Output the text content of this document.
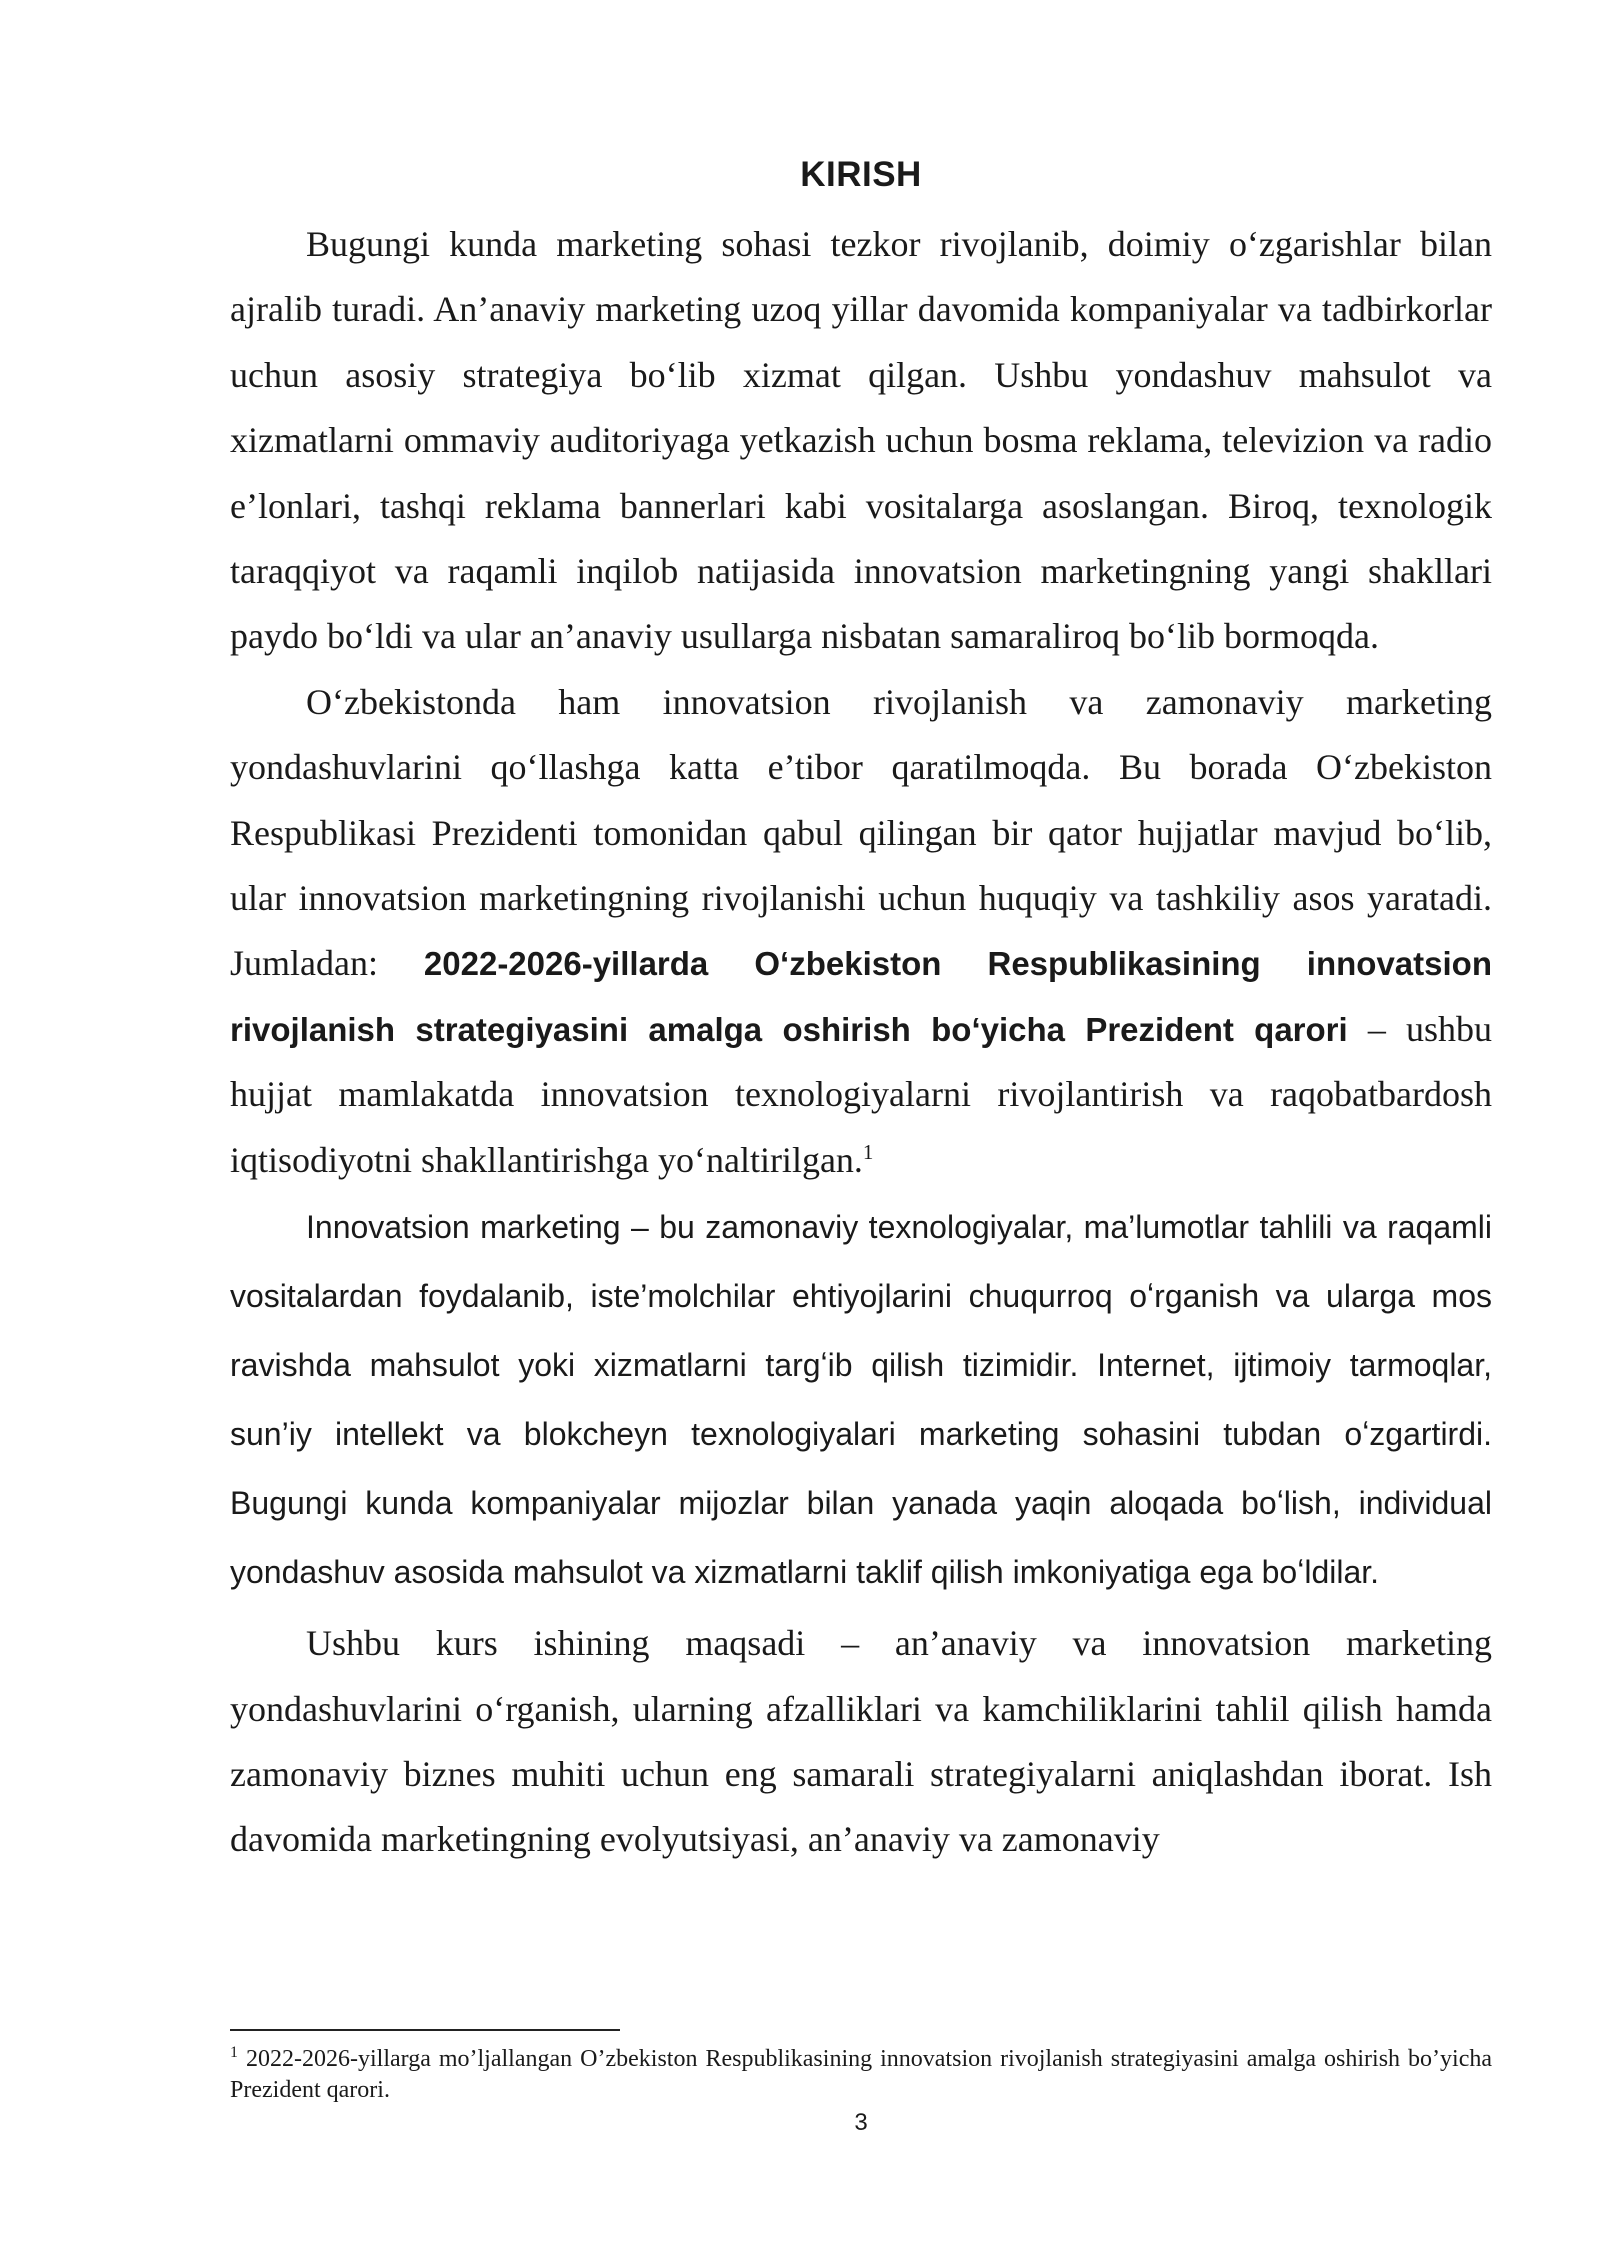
KIRISH

Bugungi kunda marketing sohasi tezkor rivojlanib, doimiy oʻzgarishlar bilan ajralib turadi. An’anaviy marketing uzoq yillar davomida kompaniyalar va tadbirkorlar uchun asosiy strategiya boʻlib xizmat qilgan. Ushbu yondashuv mahsulot va xizmatlarni ommaviy auditoriyaga yetkazish uchun bosma reklama, televizion va radio e’lonlari, tashqi reklama bannerlari kabi vositalarga asoslangan. Biroq, texnologik taraqqiyot va raqamli inqilob natijasida innovatsion marketingning yangi shakllari paydo boʻldi va ular an’anaviy usullarga nisbatan samaraliroq boʻlib bormoqda.

Oʻzbekistonda ham innovatsion rivojlanish va zamonaviy marketing yondashuvlarini qoʻllashga katta e’tibor qaratilmoqda. Bu borada Oʻzbekiston Respublikasi Prezidenti tomonidan qabul qilingan bir qator hujjatlar mavjud boʻlib, ular innovatsion marketingning rivojlanishi uchun huquqiy va tashkiliy asos yaratadi. Jumladan: 2022-2026-yillarda Oʻzbekiston Respublikasining innovatsion rivojlanish strategiyasini amalga oshirish boʻyicha Prezident qarori – ushbu hujjat mamlakatda innovatsion texnologiyalarni rivojlantirish va raqobatbardosh iqtisodiyotni shakllantirishga yoʻnaltirilgan.$^1$

Innovatsion marketing – bu zamonaviy texnologiyalar, ma’lumotlar tahlili va raqamli vositalardan foydalanib, iste’molchilar ehtiyojlarini chuqurroq oʻrganish va ularga mos ravishda mahsulot yoki xizmatlarni targʻib qilish tizimidir. Internet, ijtimoiy tarmoqlar, sun’iy intellekt va blokcheyn texnologiyalari marketing sohasini tubdan oʻzgartirdi. Bugungi kunda kompaniyalar mijozlar bilan yanada yaqin aloqada boʻlish, individual yondashuv asosida mahsulot va xizmatlarni taklif qilish imkoniyatiga ega boʻldilar.

Ushbu kurs ishining maqsadi – an’anaviy va innovatsion marketing yondashuvlarini oʻrganish, ularning afzalliklari va kamchiliklarini tahlil qilish hamda zamonaviy biznes muhiti uchun eng samarali strategiyalarni aniqlashdan iborat. Ish davomida marketingning evolyutsiyasi, an’anaviy va zamonaviy

$^1$ 2022-2026-yillarga mo’ljallangan O’zbekiston Respublikasining innovatsion rivojlanish strategiyasini amalga oshirish bo’yicha Prezident qarori.

3
